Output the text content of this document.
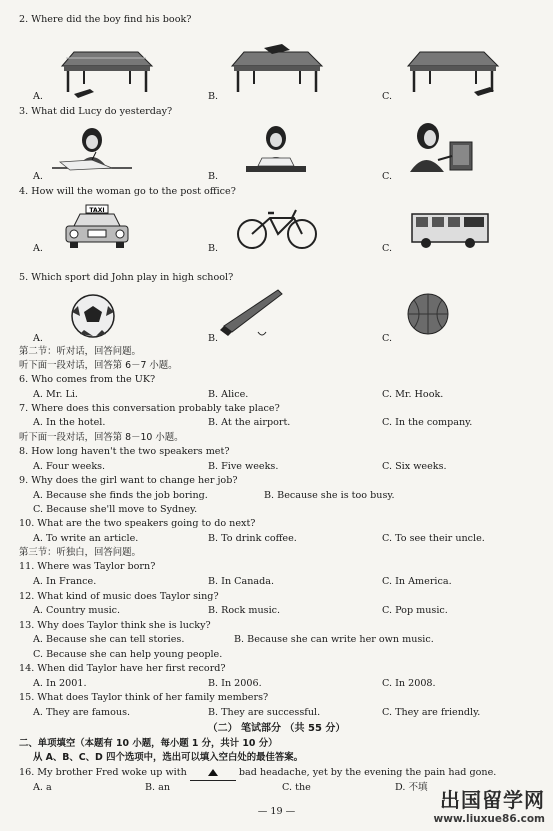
2. Where did the boy find his book?
A.	B.	C.
3. What did Lucy do yesterday?
A.	B.	C.
4. How will the woman go to the post office?
TAXI
A.	B.	C.
5. Which sport did John play in high school?
A.	B.	C.
第二节：听对话，回答问题。
听下面一段对话，回答第 6－7 小题。
6. Who comes from the UK?
A. Mr. Li.	B. Alice.	C. Mr. Hook.
7. Where does this conversation probably take place?
A. In the hotel.	B. At the airport.	C. In the company.
听下面一段对话，回答第 8－10 小题。
8. How long haven't the two speakers met?
A. Four weeks.	B. Five weeks.	C. Six weeks.
9. Why does the girl want to change her job?
A. Because she finds the job boring.	B. Because she is too busy.
C. Because she'll move to Sydney.
10. What are the two speakers going to do next?
A. To write an article.	B. To drink coffee.	C. To see their uncle.
第三节：听独白，回答问题。
11. Where was Taylor born?
A. In France.	B. In Canada.	C. In America.
12. What kind of music does Taylor sing?
A. Country music.	B. Rock music.	C. Pop music.
13. Why does Taylor think she is lucky?
A. Because she can tell stories.	B. Because she can write her own music.
C. Because she can help young people.
14. When did Taylor have her first record?
A. In 2001.	B. In 2006.	C. In 2008.
15. What does Taylor think of her family members?
A. They are famous.	B. They are successful.	C. They are friendly.
（二） 笔试部分 （共 55 分）
二、单项填空（本题有 10 小题，每小题 1 分，共计 10 分）
从 A、B、C、D 四个选项中，选出可以填入空白处的最佳答案。
16. My brother Fred woke up with	bad headache, yet by the evening the pain had gone.
A. a	B. an	C. the	D. 不填
— 19 —	出国留学网
www.liuxue86.com
